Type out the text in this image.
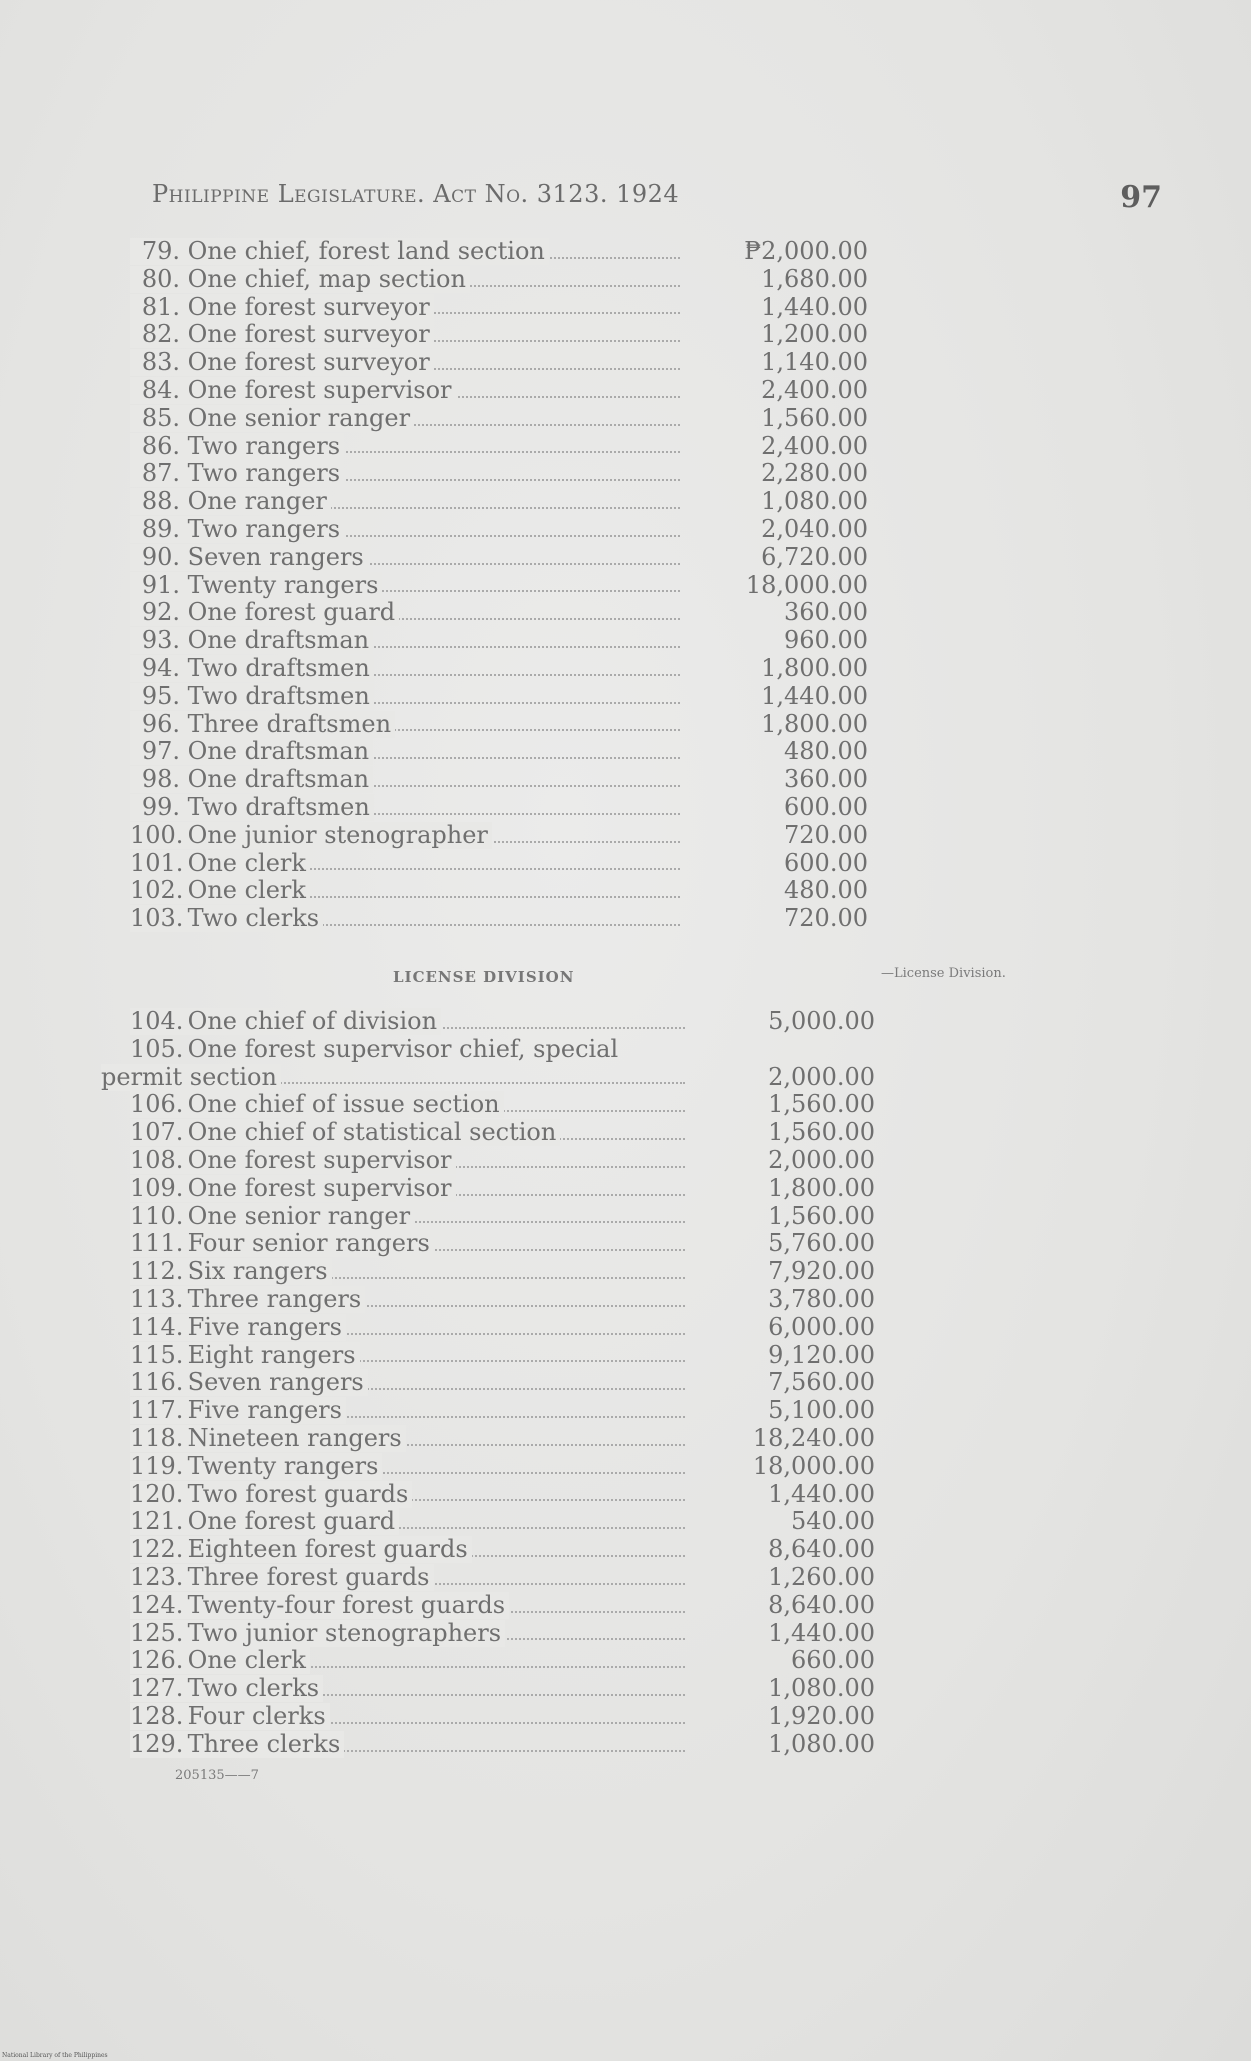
Philippine Legislature. Act No. 3123. 1924	97
79. One chief, forest land section	₱2,000.00
80. One chief, map section	1,680.00
81. One forest surveyor	1,440.00
82. One forest surveyor	1,200.00
83. One forest surveyor	1,140.00
84. One forest supervisor	2,400.00
85. One senior ranger	1,560.00
86. Two rangers	2,400.00
87. Two rangers	2,280.00
88. One ranger	1,080.00
89. Two rangers	2,040.00
90. Seven rangers	6,720.00
91. Twenty rangers	18,000.00
92. One forest guard	360.00
93. One draftsman	960.00
94. Two draftsmen	1,800.00
95. Two draftsmen	1,440.00
96. Three draftsmen	1,800.00
97. One draftsman	480.00
98. One draftsman	360.00
99. Two draftsmen	600.00
100. One junior stenographer	720.00
101. One clerk	600.00
102. One clerk	480.00
103. Two clerks	720.00
LICENSE DIVISION	—License Division.
104. One chief of division	5,000.00
105. One forest supervisor chief, special
permit section	2,000.00
106. One chief of issue section	1,560.00
107. One chief of statistical section	1,560.00
108. One forest supervisor	2,000.00
109. One forest supervisor	1,800.00
110. One senior ranger	1,560.00
111. Four senior rangers	5,760.00
112. Six rangers	7,920.00
113. Three rangers	3,780.00
114. Five rangers	6,000.00
115. Eight rangers	9,120.00
116. Seven rangers	7,560.00
117. Five rangers	5,100.00
118. Nineteen rangers	18,240.00
119. Twenty rangers	18,000.00
120. Two forest guards	1,440.00
121. One forest guard	540.00
122. Eighteen forest guards	8,640.00
123. Three forest guards	1,260.00
124. Twenty-four forest guards	8,640.00
125. Two junior stenographers	1,440.00
126. One clerk	660.00
127. Two clerks	1,080.00
128. Four clerks	1,920.00
129. Three clerks	1,080.00
205135——7
National Library of the Philippines
